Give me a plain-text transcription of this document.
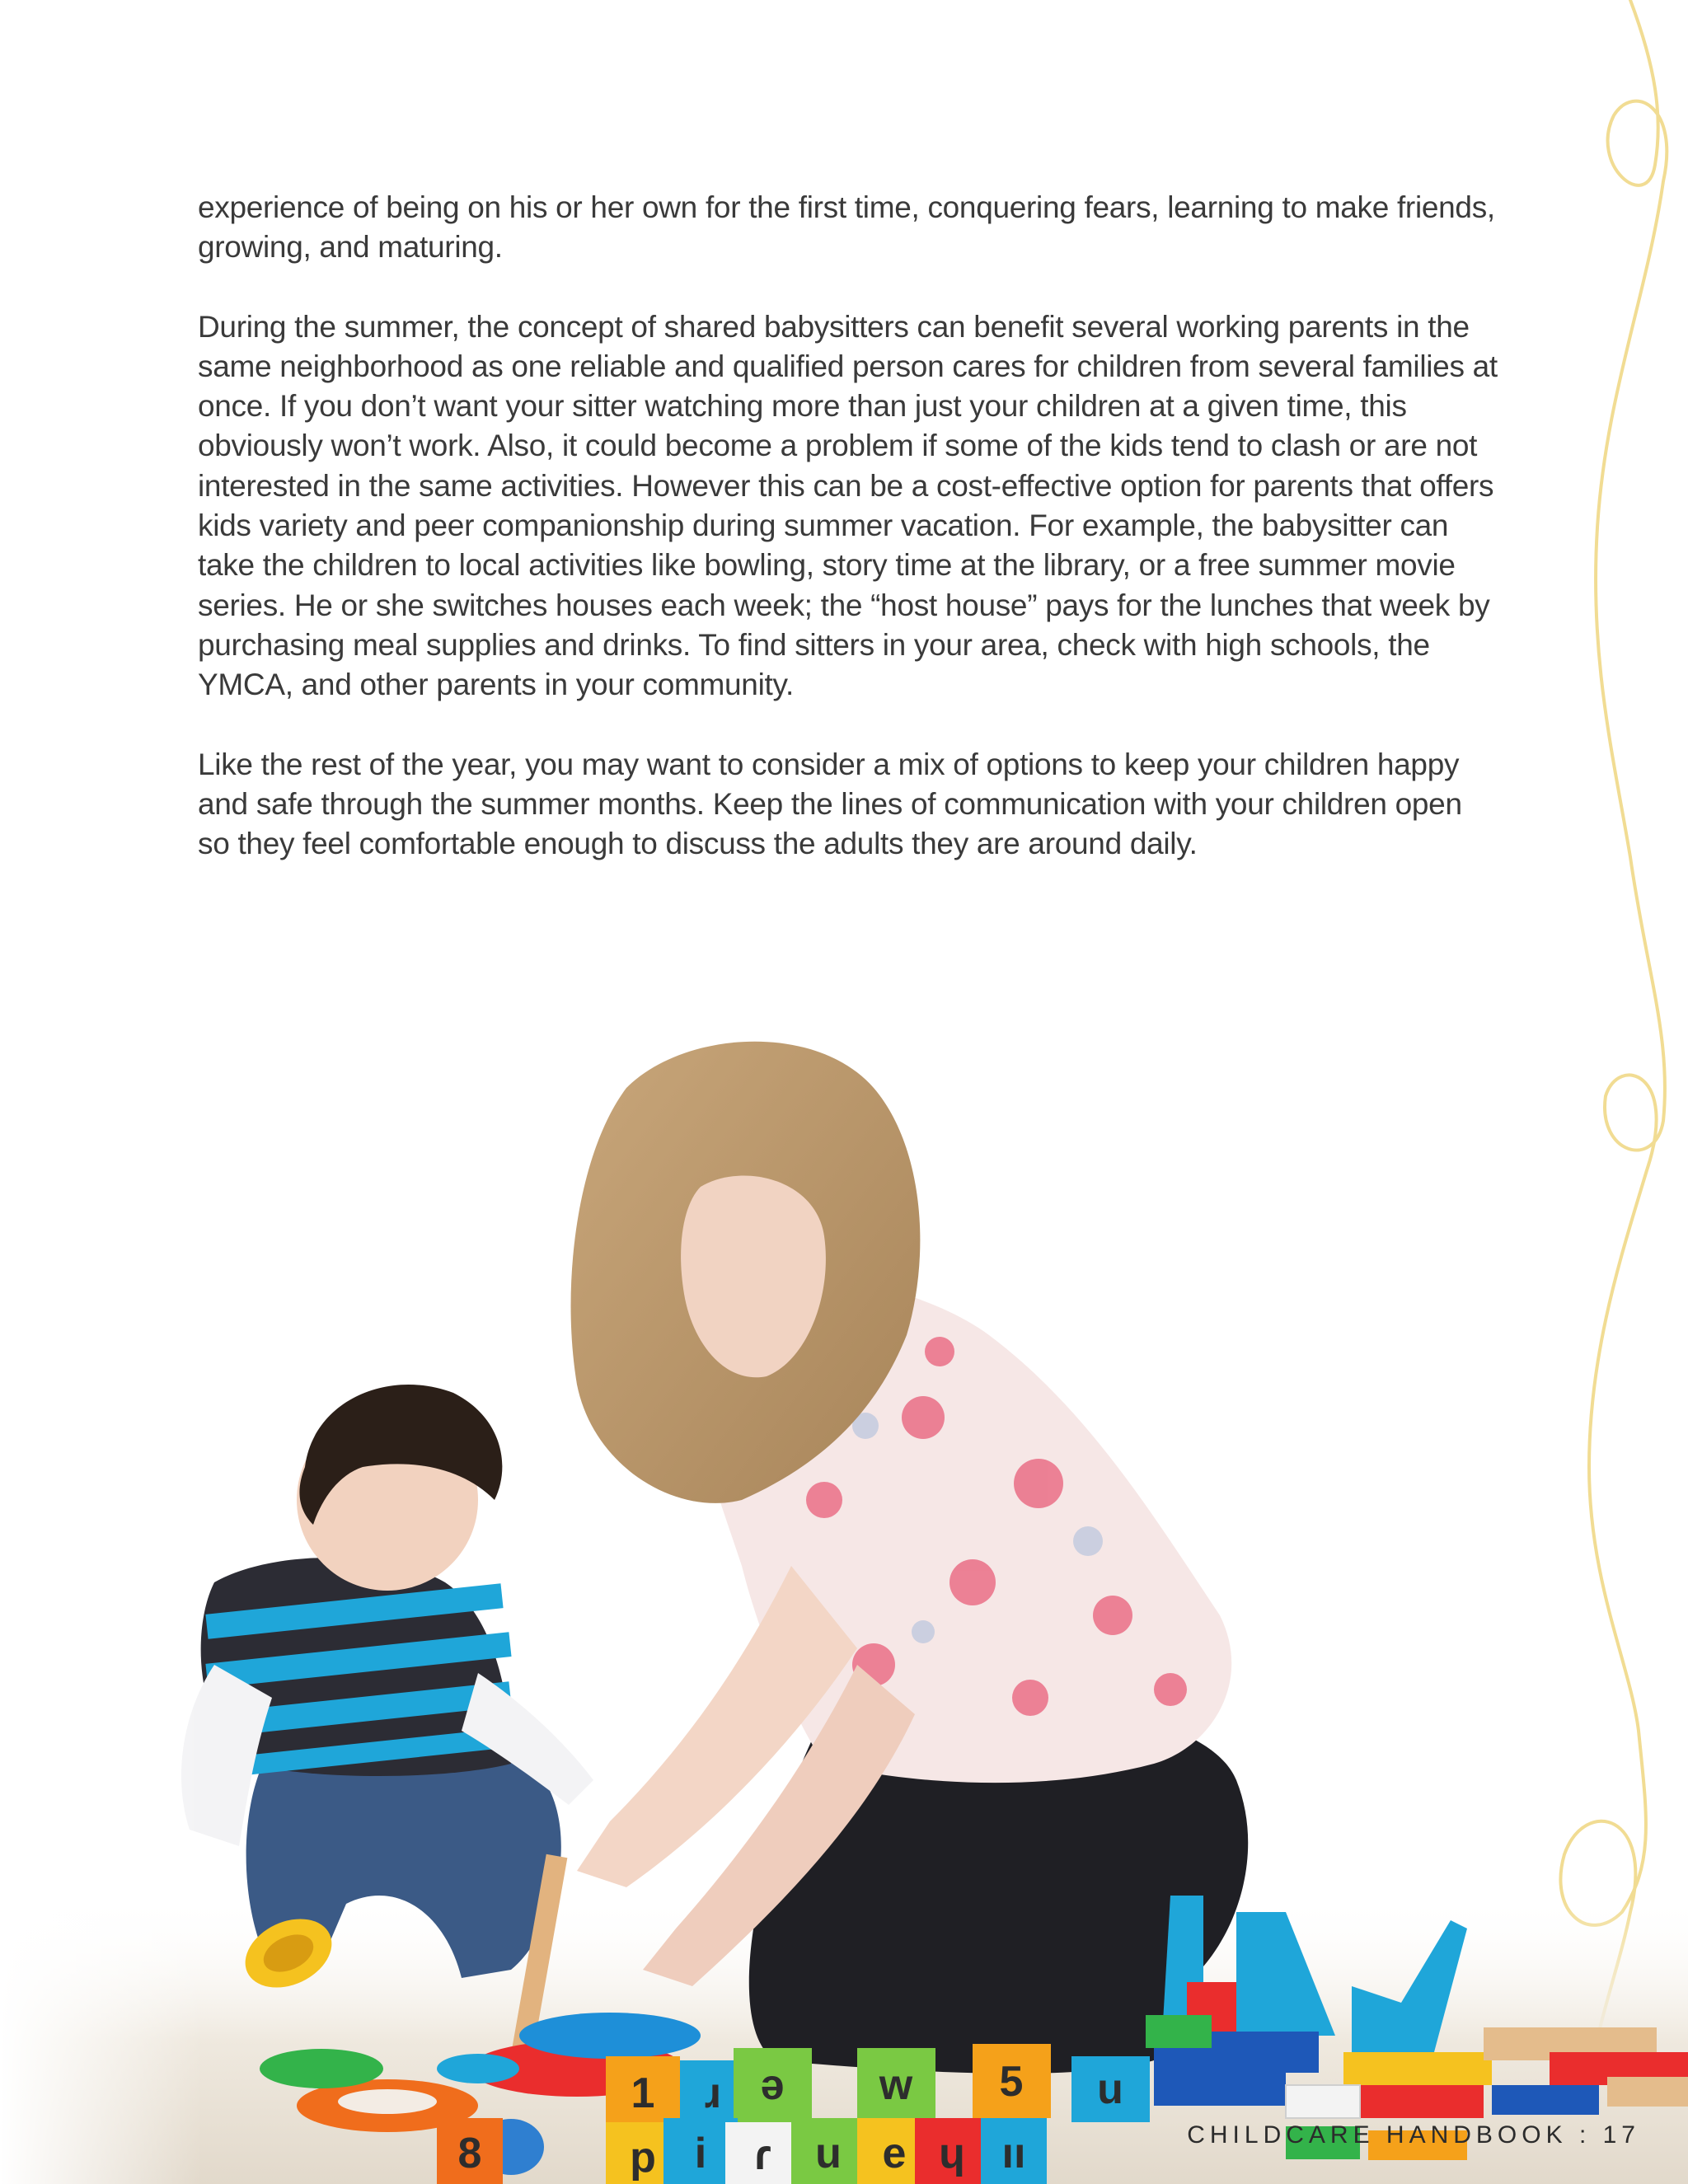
experience of being on his or her own for the first time, conquering fears, learning to make friends, growing, and maturing.

During the summer, the concept of shared babysitters can benefit several working parents in the same neighborhood as one reliable and qualified person cares for children from several families at once. If you don’t want your sitter watching more than just your children at a given time, this obviously won’t work. Also, it could become a problem if some of the kids tend to clash or are not interested in the same activities. However this can be a cost-effective option for parents that offers kids variety and peer companionship during summer vacation. For example, the babysitter can take the children to local activities like bowling, story time at the library, or a free summer movie series. He or she switches houses each week; the “host house” pays for the lunches that week by purchasing meal supplies and drinks. To find sitters in your area, check with high schools, the YMCA, and other parents in your community.

Like the rest of the year, you may want to consider a mix of options to keep your children happy and safe through the summer months. Keep the lines of communication with your children open so they feel comfortable enough to discuss the adults they are around daily.

CHILDCARE HANDBOOK : 17
